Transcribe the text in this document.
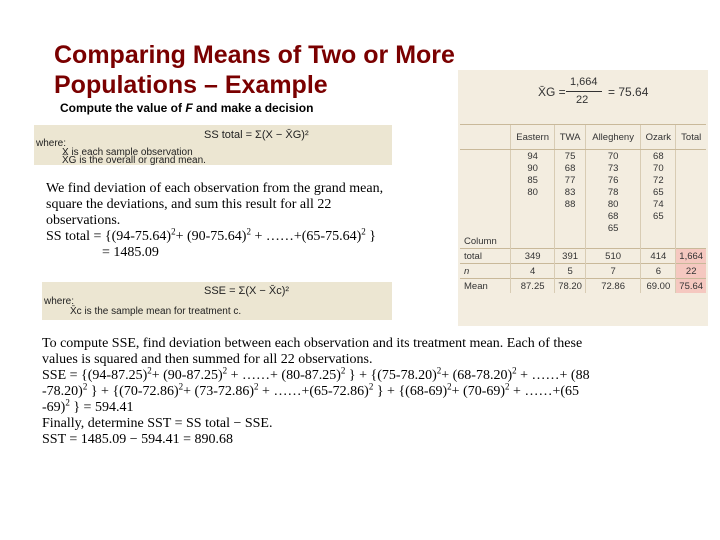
Comparing Means of Two or More
Populations – Example
Compute the value of F and make a decision
SS total = Σ(X − X̄G)²
where:
X is each sample observation
X̄G is the overall or grand mean.
We find deviation of each observation from the grand mean,
square the deviations, and sum this result for all 22
observations.
SS total = {$(94-75.64)^2+ (90-75.64)^2$ + $\dots\dots+(65-75.64)^2$ }
= 1485.09
SSE = Σ(X − X̄c)²
where:
X̄c is the sample mean for treatment c.
To compute SSE, find deviation between each observation and its treatment mean. Each of these
values is squared and then summed for all 22 observations.
SSE = {$(94-87.25)^2+ (90-87.25)^2$ + ……+ $(80-87.25)^2$ } + {$(75-78.20)^2+ (68-78.20)^2$ + ……+ (88
-78.20)$^2$ } + {$(70-72.86)^2+ (73-72.86)^2$ + $\dots\dots+(65-72.86)^2$ } + {$(68-69)^2+ (70-69)^2$ + ……+(65
-69)$^2$ } = 594.41
Finally, determine SST = SS total − SSE.
SST = 1485.09 − 594.41 = 890.68
X̄G =
1,664
22
= 75.64
	Eastern	TWA	Allegheny	Ozark	Total
	94	75	70	68	
	90	68	73	70	
	85	77	76	72	
	80	83	78	65	
		88	80	74	
			68	65	
			65		
Column					
total	349	391	510	414	1,664
n	4	5	7	6	22
Mean	87.25	78.20	72.86	69.00	75.64
